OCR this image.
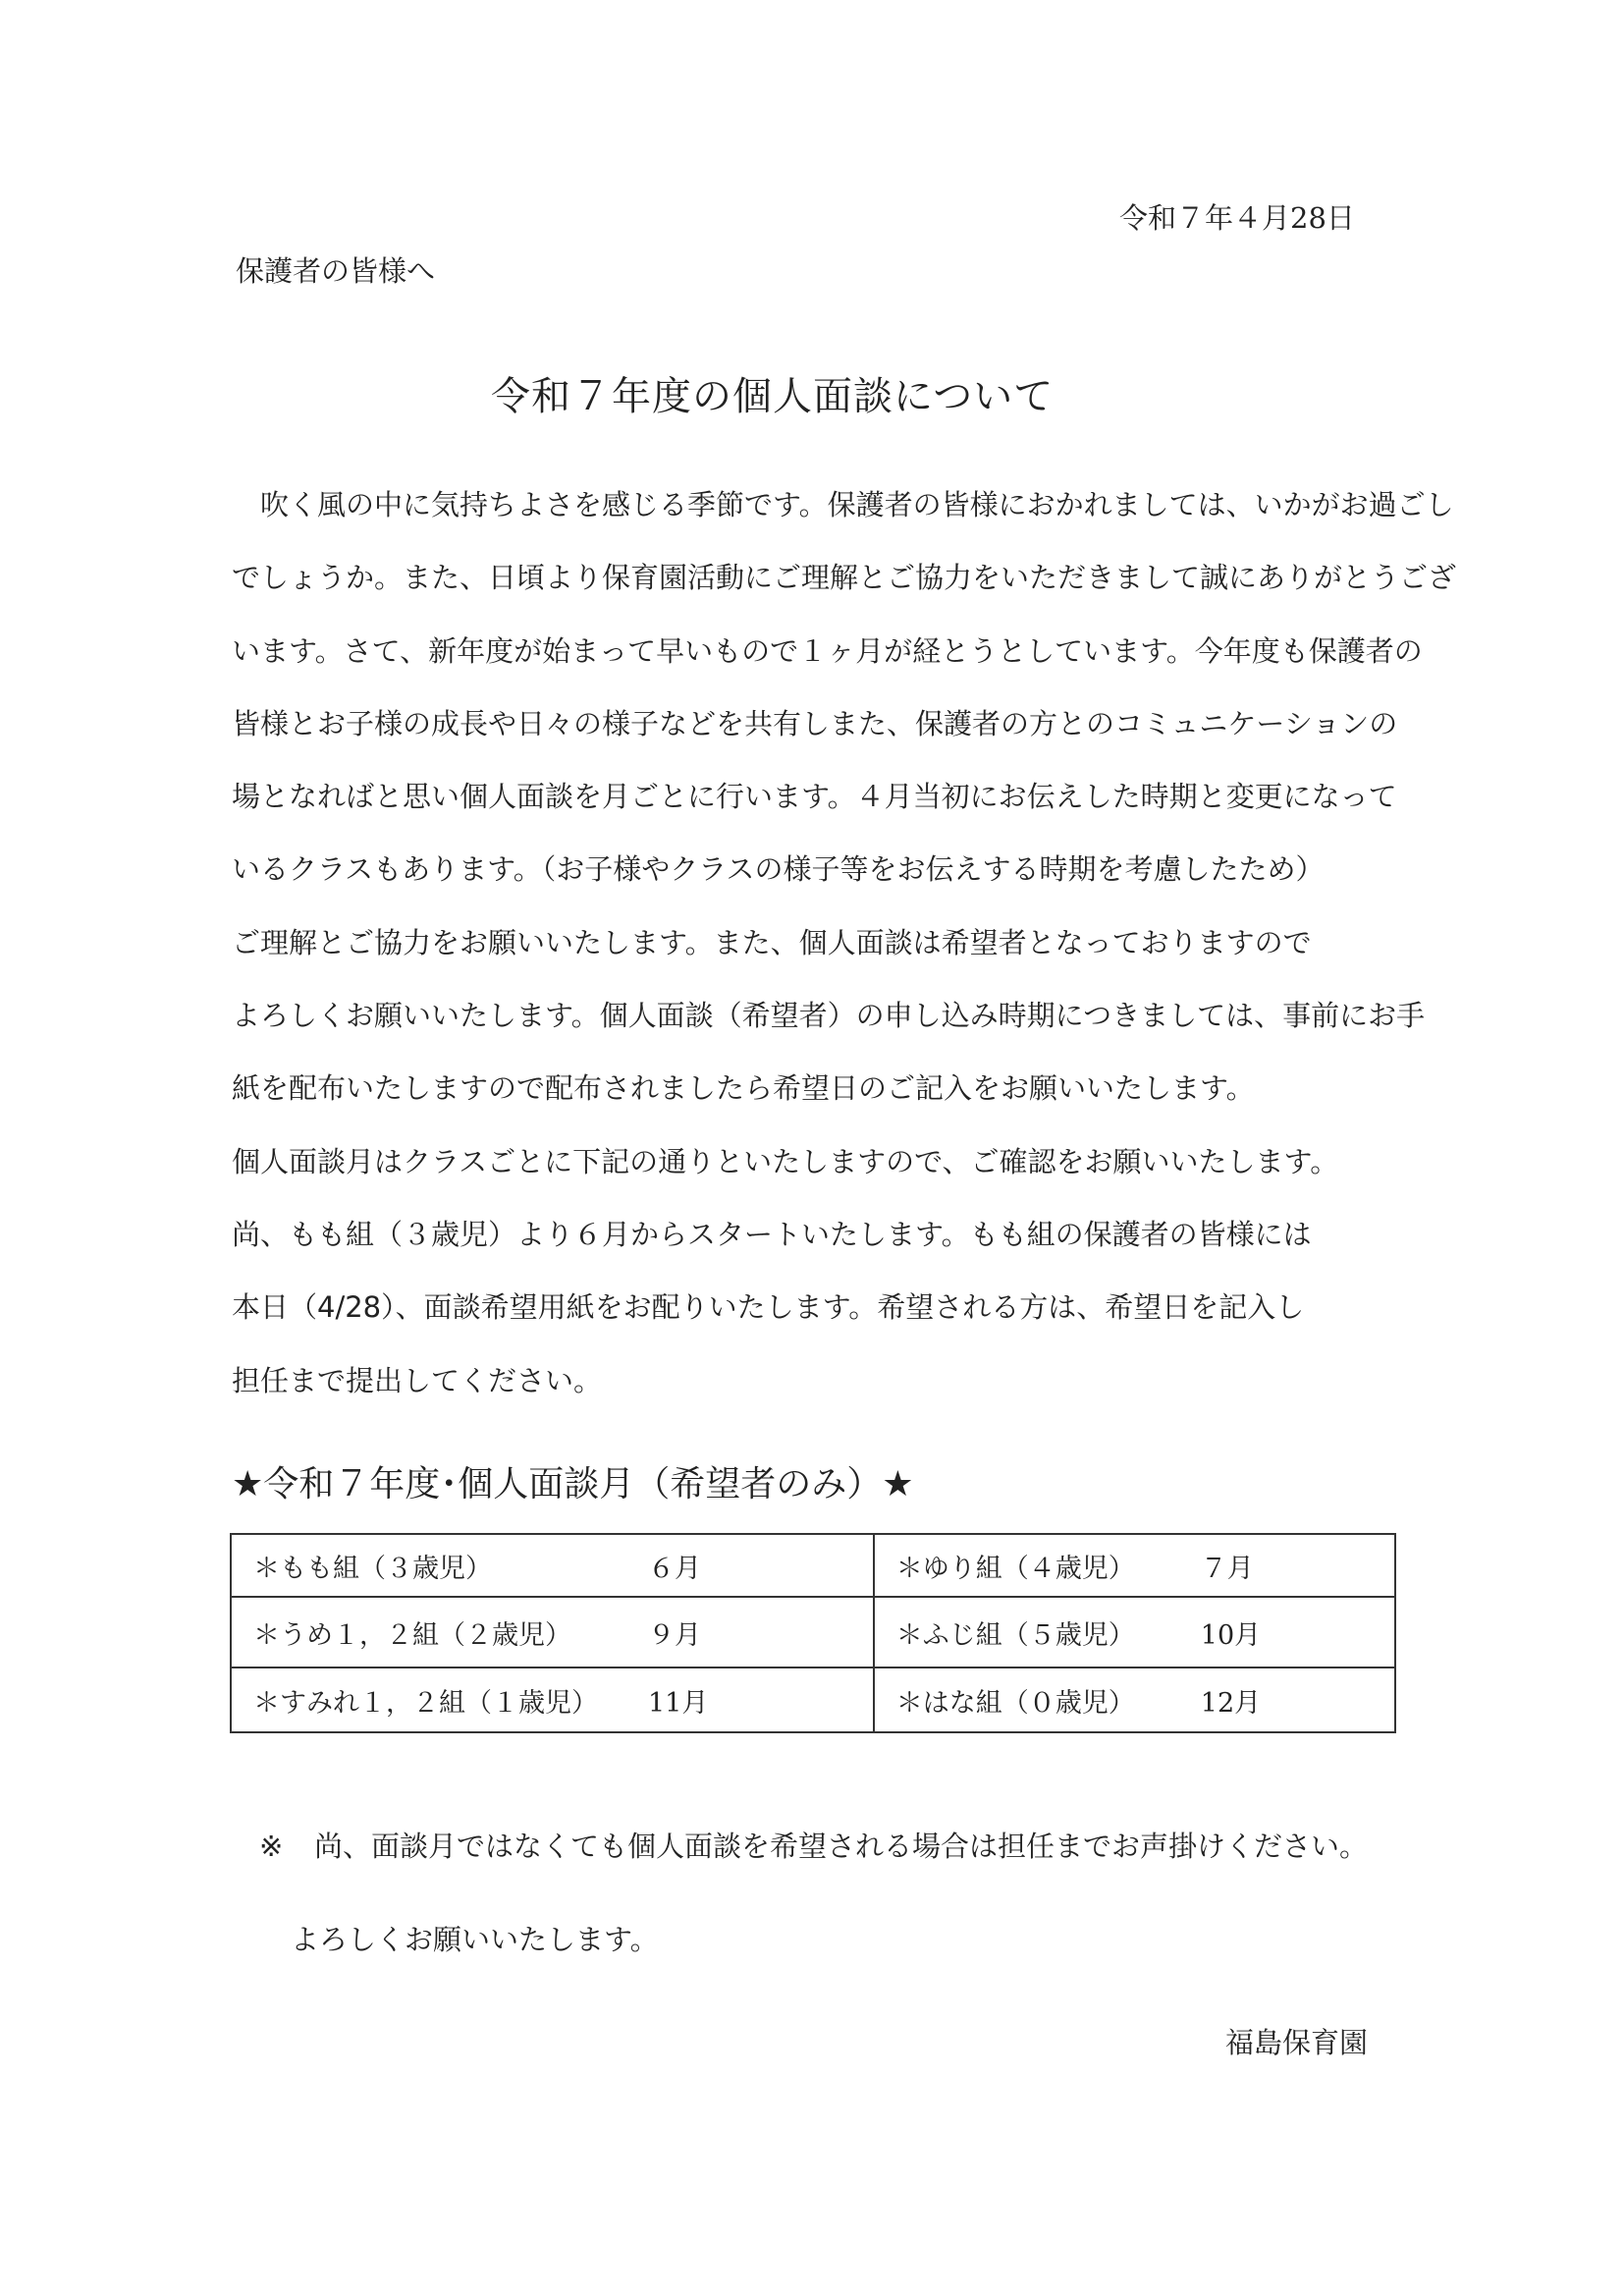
令和７年４月28日
保護者の皆様へ
令和７年度の個人面談について
　吹く風の中に気持ちよさを感じる季節です。保護者の皆様におかれましては、いかがお過ごし
でしょうか。また、日頃より保育園活動にご理解とご協力をいただきまして誠にありがとうござ
います。さて、新年度が始まって早いもので１ヶ月が経とうとしています。今年度も保護者の
皆様とお子様の成長や日々の様子などを共有しまた、保護者の方とのコミュニケーションの
場となればと思い個人面談を月ごとに行います。４月当初にお伝えした時期と変更になって
いるクラスもあります。（お子様やクラスの様子等をお伝えする時期を考慮したため）
ご理解とご協力をお願いいたします。また、個人面談は希望者となっておりますので
よろしくお願いいたします。個人面談（希望者）の申し込み時期につきましては、事前にお手
紙を配布いたしますので配布されましたら希望日のご記入をお願いいたします。
個人面談月はクラスごとに下記の通りといたしますので、ご確認をお願いいたします。
尚、もも組（３歳児）より６月からスタートいたします。もも組の保護者の皆様には
本日（4/28）、面談希望用紙をお配りいたします。希望される方は、希望日を記入し
担任まで提出してください。
★令和７年度･個人面談月（希望者のみ）★
＊もも組（３歳児） ６月	＊ゆり組（４歳児） ７月
＊うめ１，２組（２歳児） ９月	＊ふじ組（５歳児） 10月
＊すみれ１，２組（１歳児） 11月	＊はな組（０歳児） 12月
※ 尚、面談月ではなくても個人面談を希望される場合は担任までお声掛けください。
よろしくお願いいたします。
福島保育園
